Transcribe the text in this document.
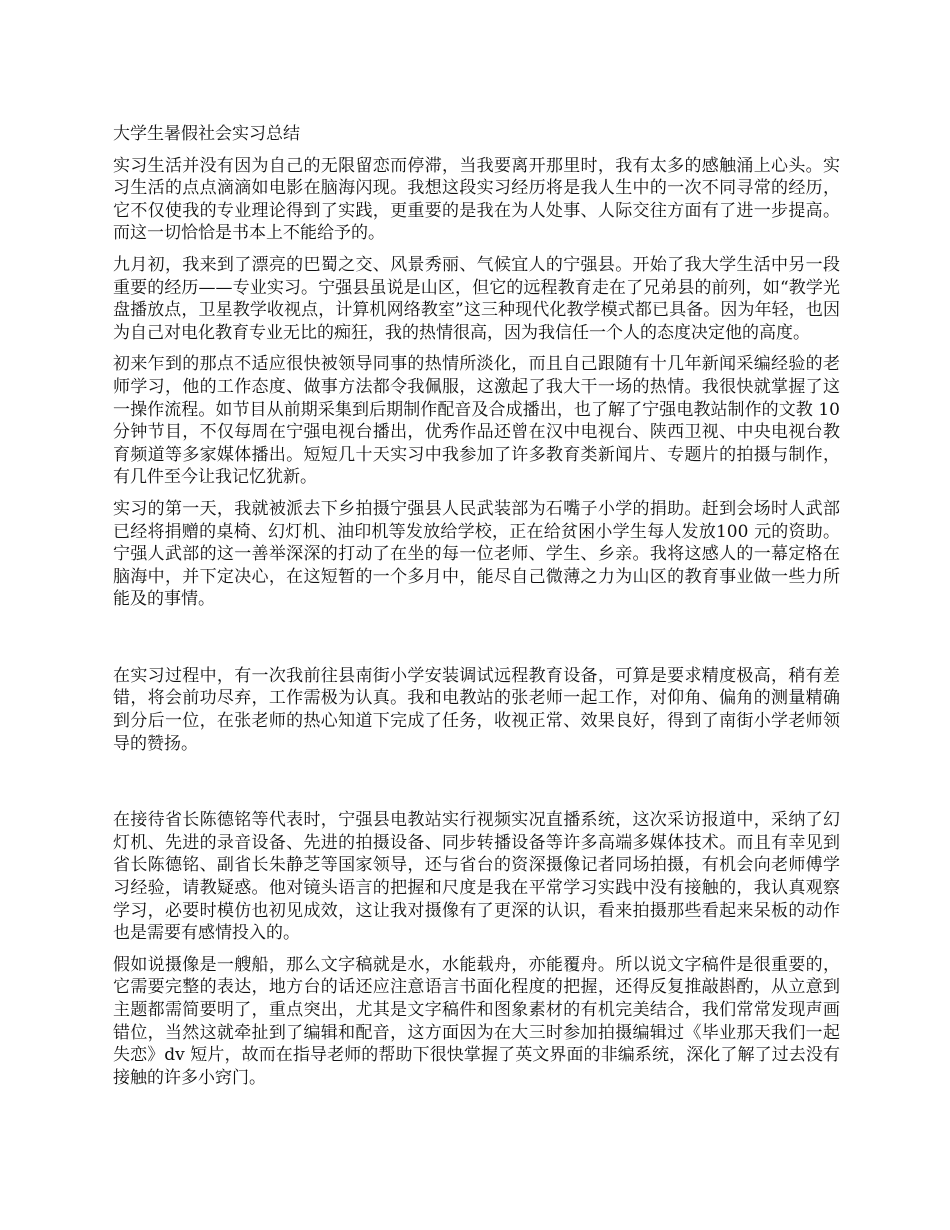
大学生暑假社会实习总结

实习生活并没有因为自己的无限留恋而停滞，当我要离开那里时，我有太多的感触涌上心头。实习生活的点点滴滴如电影在脑海闪现。我想这段实习经历将是我人生中的一次不同寻常的经历，它不仅使我的专业理论得到了实践，更重要的是我在为人处事、人际交往方面有了进一步提高。而这一切恰恰是书本上不能给予的。

九月初，我来到了漂亮的巴蜀之交、风景秀丽、气候宜人的宁强县。开始了我大学生活中另一段重要的经历——专业实习。宁强县虽说是山区，但它的远程教育走在了兄弟县的前列，如“教学光盘播放点，卫星教学收视点，计算机网络教室”这三种现代化教学模式都已具备。因为年轻，也因为自己对电化教育专业无比的痴狂，我的热情很高，因为我信任一个人的态度决定他的高度。

初来乍到的那点不适应很快被领导同事的热情所淡化，而且自己跟随有十几年新闻采编经验的老师学习，他的工作态度、做事方法都令我佩服，这激起了我大干一场的热情。我很快就掌握了这一操作流程。如节目从前期采集到后期制作配音及合成播出，也了解了宁强电教站制作的文教 10 分钟节目，不仅每周在宁强电视台播出，优秀作品还曾在汉中电视台、陕西卫视、中央电视台教育频道等多家媒体播出。短短几十天实习中我参加了许多教育类新闻片、专题片的拍摄与制作，有几件至今让我记忆犹新。

实习的第一天，我就被派去下乡拍摄宁强县人民武装部为石嘴子小学的捐助。赶到会场时人武部已经将捐赠的桌椅、幻灯机、油印机等发放给学校，正在给贫困小学生每人发放100 元的资助。宁强人武部的这一善举深深的打动了在坐的每一位老师、学生、乡亲。我将这感人的一幕定格在脑海中，并下定决心，在这短暂的一个多月中，能尽自己微薄之力为山区的教育事业做一些力所能及的事情。

在实习过程中，有一次我前往县南街小学安装调试远程教育设备，可算是要求精度极高，稍有差错，将会前功尽弃，工作需极为认真。我和电教站的张老师一起工作，对仰角、偏角的测量精确到分后一位，在张老师的热心知道下完成了任务，收视正常、效果良好，得到了南街小学老师领导的赞扬。

在接待省长陈德铭等代表时，宁强县电教站实行视频实况直播系统，这次采访报道中，采纳了幻灯机、先进的录音设备、先进的拍摄设备、同步转播设备等许多高端多媒体技术。而且有幸见到省长陈德铭、副省长朱静芝等国家领导，还与省台的资深摄像记者同场拍摄，有机会向老师傅学习经验，请教疑惑。他对镜头语言的把握和尺度是我在平常学习实践中没有接触的，我认真观察学习，必要时模仿也初见成效，这让我对摄像有了更深的认识，看来拍摄那些看起来呆板的动作也是需要有感情投入的。

假如说摄像是一艘船，那么文字稿就是水，水能载舟，亦能覆舟。所以说文字稿件是很重要的，它需要完整的表达，地方台的话还应注意语言书面化程度的把握，还得反复推敲斟酌，从立意到主题都需简要明了，重点突出，尤其是文字稿件和图象素材的有机完美结合，我们常常发现声画错位，当然这就牵扯到了编辑和配音，这方面因为在大三时参加拍摄编辑过《毕业那天我们一起失恋》dv 短片，故而在指导老师的帮助下很快掌握了英文界面的非编系统，深化了解了过去没有接触的许多小窍门。
